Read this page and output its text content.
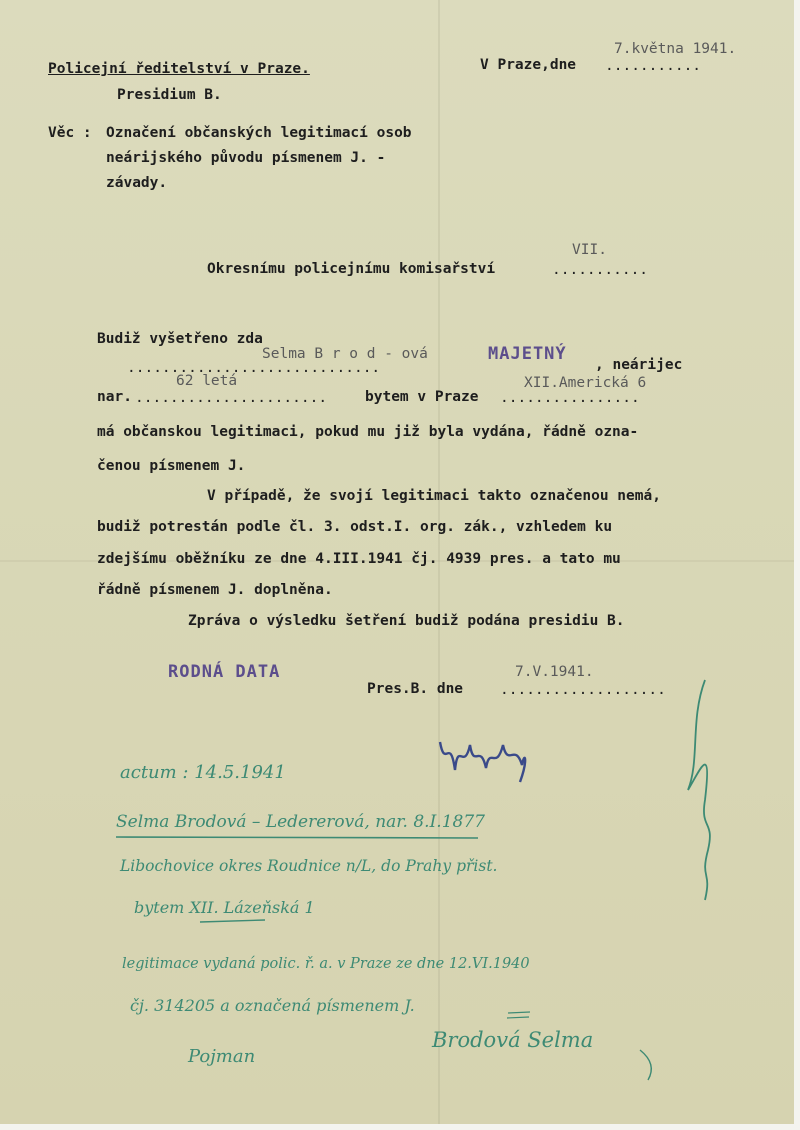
Policejní ředitelství v Praze.
Presidium B.
V Praze,dne ...........
7.května 1941.
Věc : Označení občanských legitimací osob
neárijského původu písmenem J. -
závady.
VII.
Okresnímu policejnímu komisařství	...........
Budiž vyšetřeno zda
Selma B r o d - ová
.............................
MAJETNÝ
, neárijec
62 letá	XII.Americká 6
nar. ......................	bytem v Praze ................
má občanskou legitimaci, pokud mu již byla vydána, řádně ozna-
čenou písmenem J.
V případě, že svojí legitimaci takto označenou nemá,
budiž potrestán podle čl. 3. odst.I. org. zák., vzhledem ku
zdejšímu oběžníku ze dne 4.III.1941 čj. 4939 pres. a tato mu
řádně písmenem J. doplněna.
Zpráva o výsledku šetření budiž podána presidiu B.
RODNÁ DATA	7.V.1941.
Pres.B. dne	...................
actum : 14.5.1941
Selma Brodová – Ledererová, nar. 8.I.1877
Libochovice okres Roudnice n/L, do Prahy přist.
bytem XII. Lázeňská 1
legitimace vydaná polic. ř. a. v Praze ze dne 12.VI.1940
čj. 314205 a označená písmenem J.
Pojman
Brodová Selma
